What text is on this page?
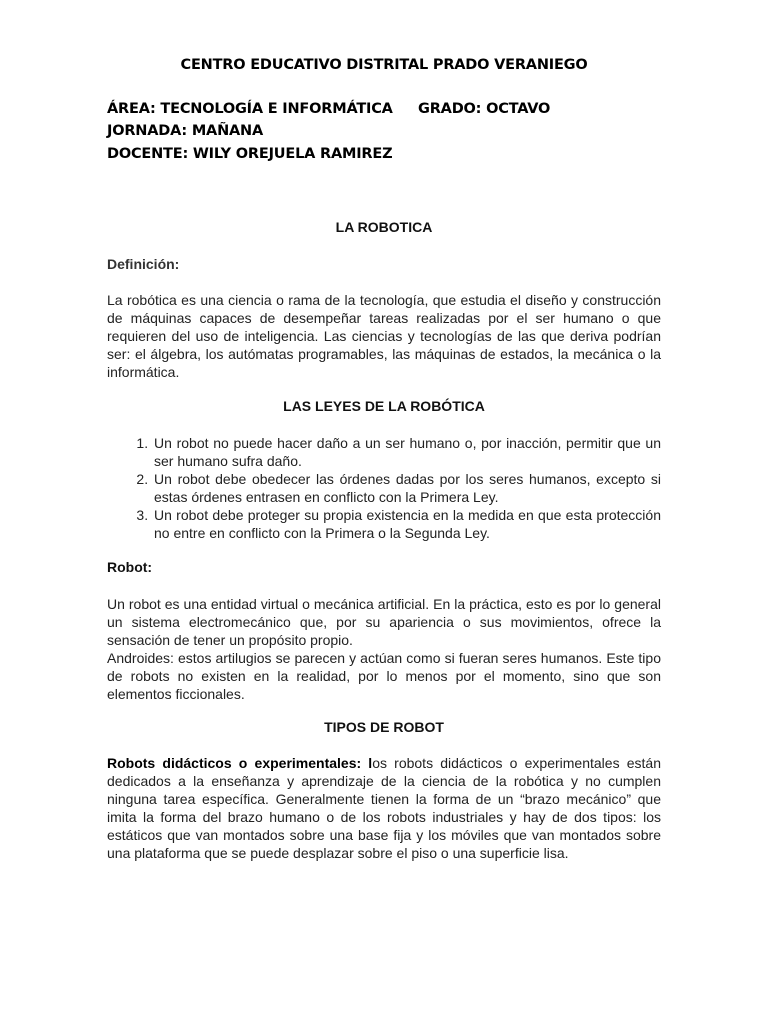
CENTRO EDUCATIVO DISTRITAL PRADO VERANIEGO
ÁREA: TECNOLOGÍA E INFORMÁTICA GRADO: OCTAVO
JORNADA: MAÑANA
DOCENTE: WILY OREJUELA RAMIREZ
LA ROBOTICA
Definición:

La robótica es una ciencia o rama de la tecnología, que estudia el diseño y construcción de máquinas capaces de desempeñar tareas realizadas por el ser humano o que requieren del uso de inteligencia. Las ciencias y tecnologías de las que deriva podrían ser: el álgebra, los autómatas programables, las máquinas de estados, la mecánica o la informática.

LAS LEYES DE LA ROBÓTICA
1. Un robot no puede hacer daño a un ser humano o, por inacción, permitir que un ser humano sufra daño.
2. Un robot debe obedecer las órdenes dadas por los seres humanos, excepto si estas órdenes entrasen en conflicto con la Primera Ley.
3. Un robot debe proteger su propia existencia en la medida en que esta protección no entre en conflicto con la Primera o la Segunda Ley.
Robot:

Un robot es una entidad virtual o mecánica artificial. En la práctica, esto es por lo general un sistema electromecánico que, por su apariencia o sus movimientos, ofrece la sensación de tener un propósito propio.

Androides: estos artilugios se parecen y actúan como si fueran seres humanos. Este tipo de robots no existen en la realidad, por lo menos por el momento, sino que son elementos ficcionales.

TIPOS DE ROBOT

Robots didácticos o experimentales: los robots didácticos o experimentales están dedicados a la enseñanza y aprendizaje de la ciencia de la robótica y no cumplen ninguna tarea específica. Generalmente tienen la forma de un “brazo mecánico” que imita la forma del brazo humano o de los robots industriales y hay de dos tipos: los estáticos que van montados sobre una base fija y los móviles que van montados sobre una plataforma que se puede desplazar sobre el piso o una superficie lisa.
